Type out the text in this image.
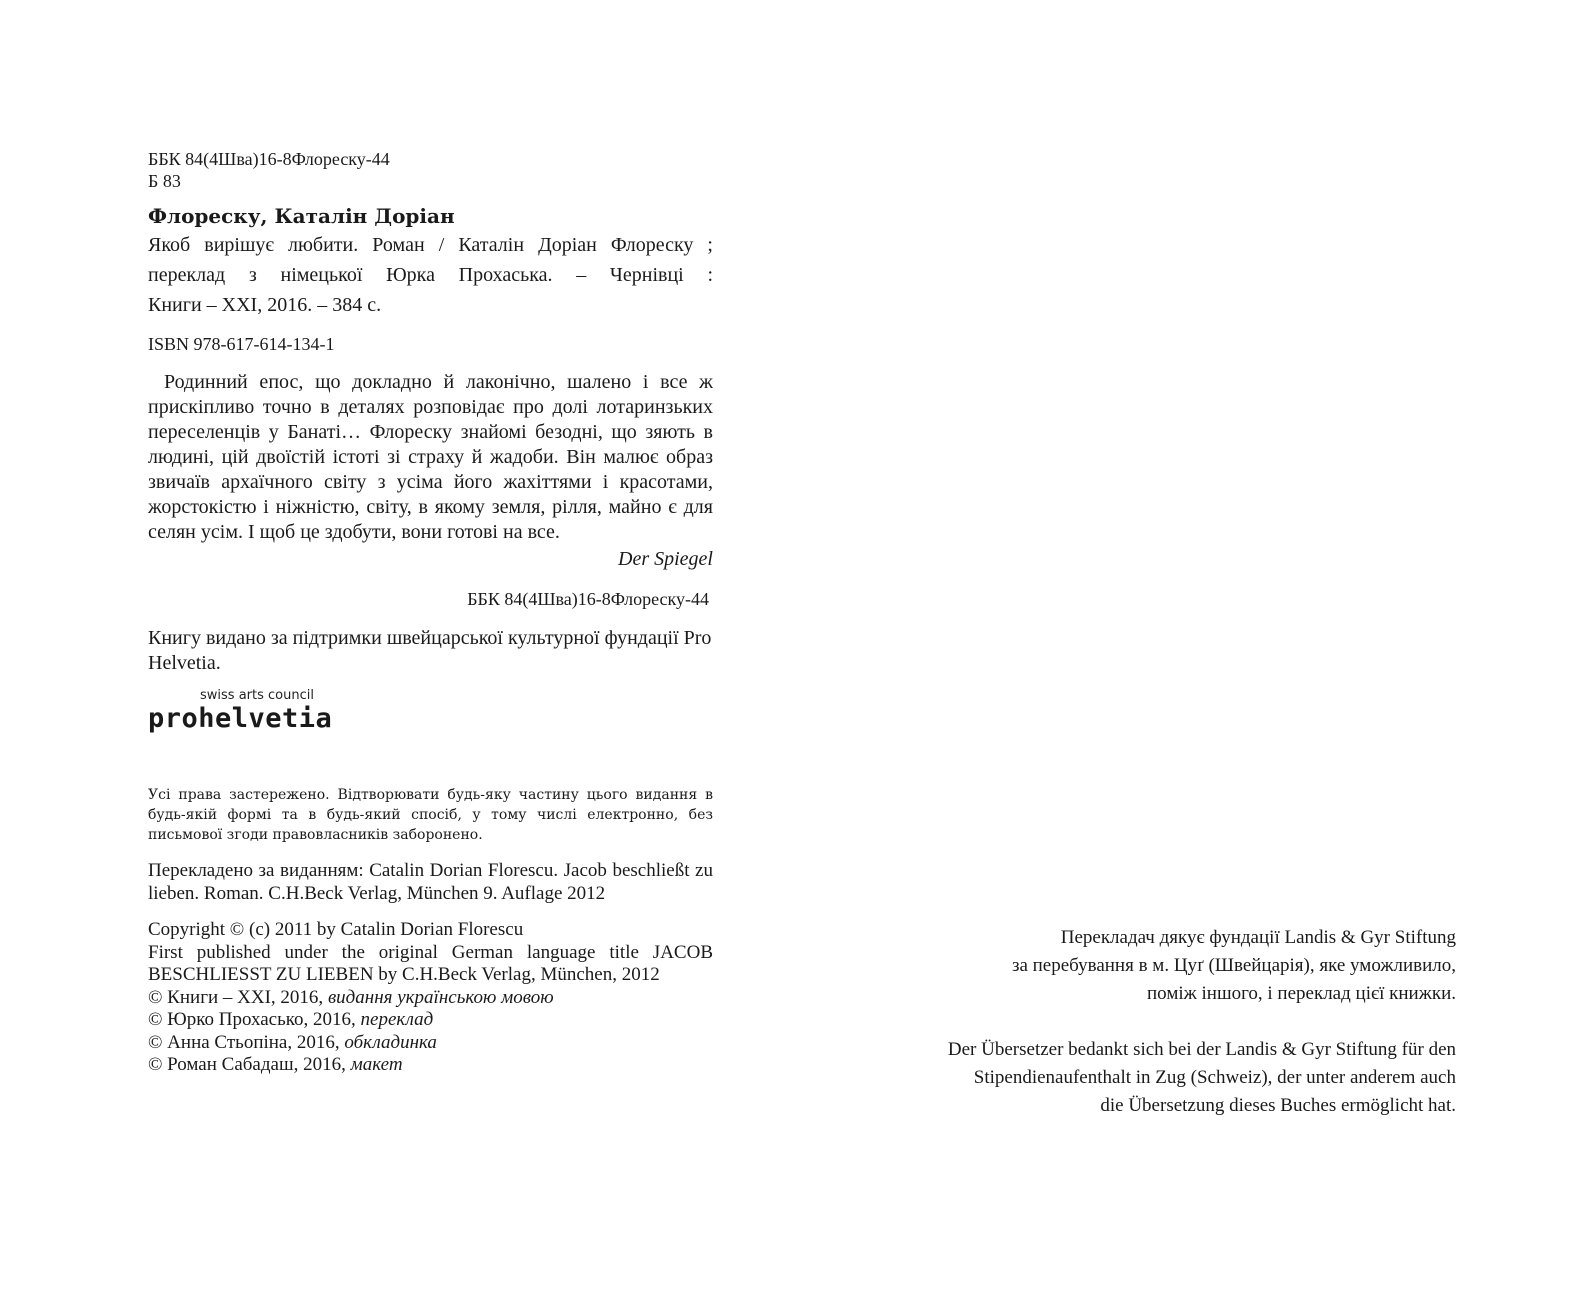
ББК 84(4Шва)16-8Флореску-44
Б 83
Флореску, Каталін Доріан
Якоб вирішує любити. Роман / Каталін Доріан Флореску ;
переклад з німецької Юрка Прохаська. – Чернівці :
Книги – XXI, 2016. – 384 с.
ISBN 978-617-614-134-1

Родинний епос, що докладно й лаконічно, шалено і все ж прискіпливо точно в деталях розповідає про долі лотаринзьких переселенців у Банаті… Флореску знайомі безодні, що зяють в людині, цій двоїстій істоті зі страху й жадоби. Він малює образ звичаїв архаїчного світу з усіма його жахіттями і красотами, жорстокістю і ніжністю, світу, в якому земля, рілля, майно є для селян усім. І щоб це здобути, вони готові на все.

Der Spiegel
ББК 84(4Шва)16-8Флореску-44
Книгу видано за підтримки швейцарської культурної фундації Pro Helvetia.
swiss arts council
prohelvetia
Усі права застережено. Відтворювати будь-яку частину цього видання в будь-якій формі та в будь-який спосіб, у тому числі електронно, без письмової згоди правовласників заборонено.
Перекладено за виданням: Catalin Dorian Florescu. Jacob beschließt zu lieben. Roman. C.H.Beck Verlag, München 9. Auflage 2012
Copyright © (c) 2011 by Catalin Dorian Florescu
First published under the original German language title JACOB BESCHLIESST ZU LIEBEN by C.H.Beck Verlag, München, 2012
© Книги – XXI, 2016, видання українською мовою
© Юрко Прохасько, 2016, переклад
© Анна Стьопіна, 2016, обкладинка
© Роман Сабадаш, 2016, макет

Перекладач дякує фундації Landis & Gyr Stiftung

за перебування в м. Цуґ (Швейцарія), яке уможливило,

поміж іншого, і переклад цієї книжки.

Der Übersetzer bedankt sich bei der Landis & Gyr Stiftung für den

Stipendienaufenthalt in Zug (Schweiz), der unter anderem auch

die Übersetzung dieses Buches ermöglicht hat.
